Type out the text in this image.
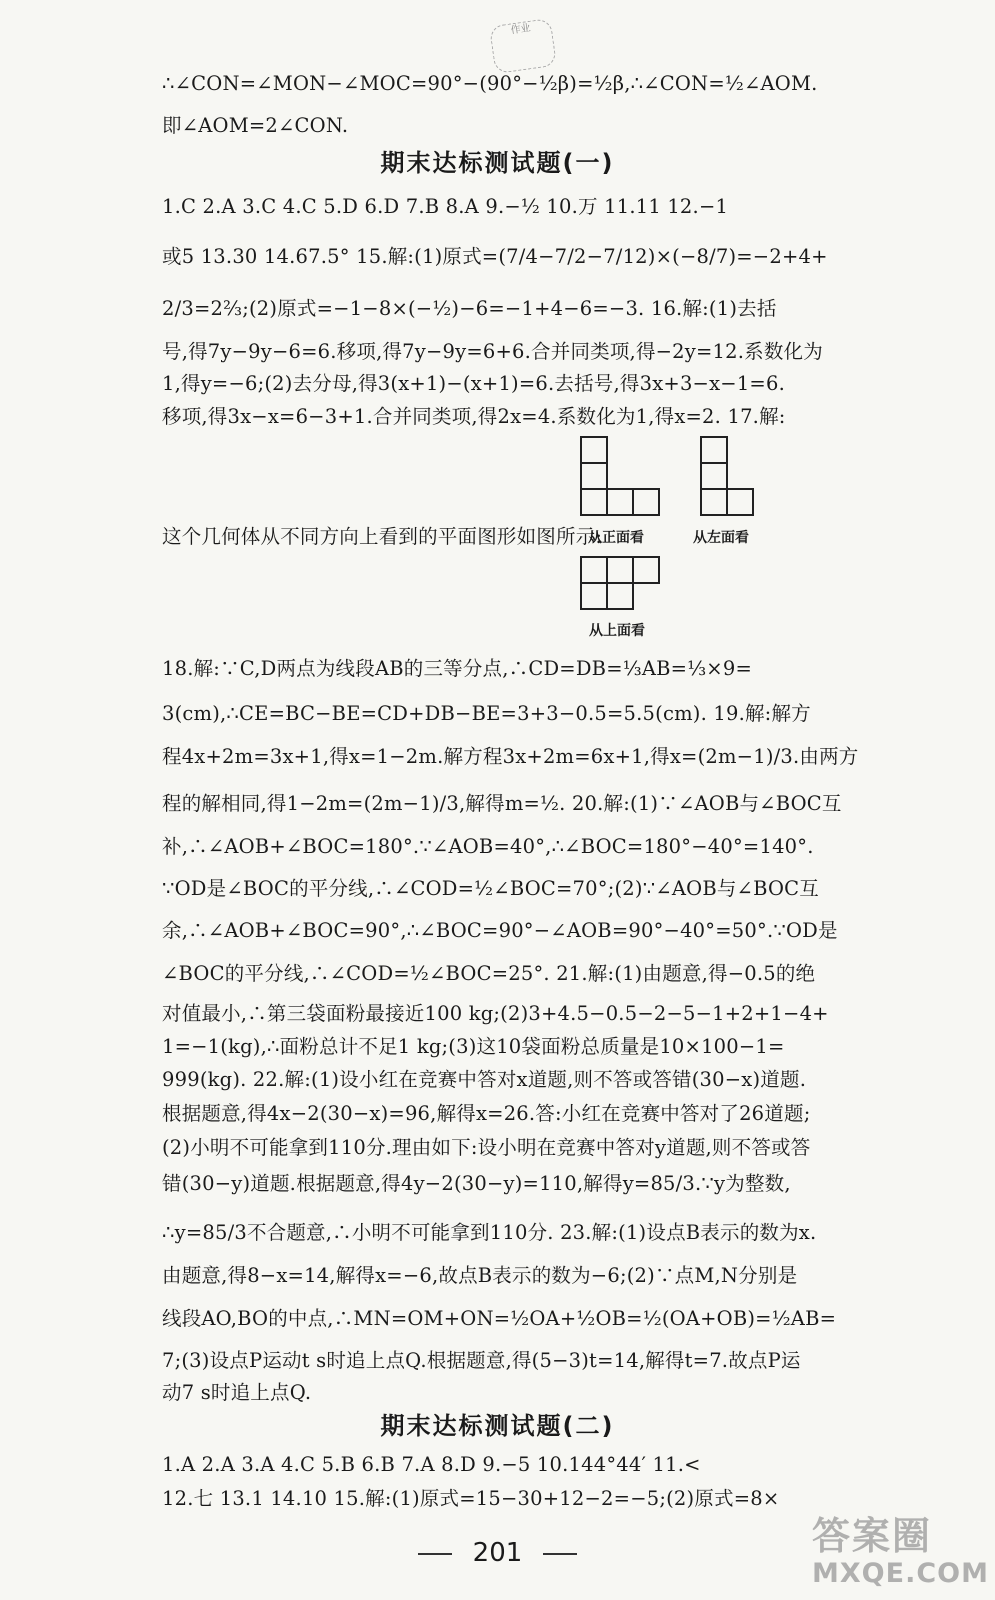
作业
∴∠CON=∠MON−∠MOC=90°−(90°−½β)=½β,∴∠CON=½∠AOM.
即∠AOM=2∠CON.
期末达标测试题(一)
1.C 2.A 3.C 4.C 5.D 6.D 7.B 8.A 9.−½ 10.万 11.11 12.−1
或5 13.30 14.67.5° 15.解:(1)原式=(7/4−7/2−7/12)×(−8/7)=−2+4+
2/3=2⅔;(2)原式=−1−8×(−½)−6=−1+4−6=−3. 16.解:(1)去括
号,得7y−9y−6=6.移项,得7y−9y=6+6.合并同类项,得−2y=12.系数化为
1,得y=−6;(2)去分母,得3(x+1)−(x+1)=6.去括号,得3x+3−x−1=6.
移项,得3x−x=6−3+1.合并同类项,得2x=4.系数化为1,得x=2. 17.解:
这个几何体从不同方向上看到的平面图形如图所示:
从正面看	从左面看
从上面看
18.解:∵C,D两点为线段AB的三等分点,∴CD=DB=⅓AB=⅓×9=
3(cm),∴CE=BC−BE=CD+DB−BE=3+3−0.5=5.5(cm). 19.解:解方
程4x+2m=3x+1,得x=1−2m.解方程3x+2m=6x+1,得x=(2m−1)/3.由两方
程的解相同,得1−2m=(2m−1)/3,解得m=½. 20.解:(1)∵∠AOB与∠BOC互
补,∴∠AOB+∠BOC=180°.∵∠AOB=40°,∴∠BOC=180°−40°=140°.
∵OD是∠BOC的平分线,∴∠COD=½∠BOC=70°;(2)∵∠AOB与∠BOC互
余,∴∠AOB+∠BOC=90°,∴∠BOC=90°−∠AOB=90°−40°=50°.∵OD是
∠BOC的平分线,∴∠COD=½∠BOC=25°. 21.解:(1)由题意,得−0.5的绝
对值最小,∴第三袋面粉最接近100 kg;(2)3+4.5−0.5−2−5−1+2+1−4+
1=−1(kg),∴面粉总计不足1 kg;(3)这10袋面粉总质量是10×100−1=
999(kg). 22.解:(1)设小红在竞赛中答对x道题,则不答或答错(30−x)道题.
根据题意,得4x−2(30−x)=96,解得x=26.答:小红在竞赛中答对了26道题;
(2)小明不可能拿到110分.理由如下:设小明在竞赛中答对y道题,则不答或答
错(30−y)道题.根据题意,得4y−2(30−y)=110,解得y=85/3.∵y为整数,
∴y=85/3不合题意,∴小明不可能拿到110分. 23.解:(1)设点B表示的数为x.
由题意,得8−x=14,解得x=−6,故点B表示的数为−6;(2)∵点M,N分别是
线段AO,BO的中点,∴MN=OM+ON=½OA+½OB=½(OA+OB)=½AB=
7;(3)设点P运动t s时追上点Q.根据题意,得(5−3)t=14,解得t=7.故点P运
动7 s时追上点Q.
期末达标测试题(二)
1.A 2.A 3.A 4.C 5.B 6.B 7.A 8.D 9.−5 10.144°44′ 11.<
12.七 13.1 14.10 15.解:(1)原式=15−30+12−2=−5;(2)原式=8×
201	答案圈
MXQE.COM
